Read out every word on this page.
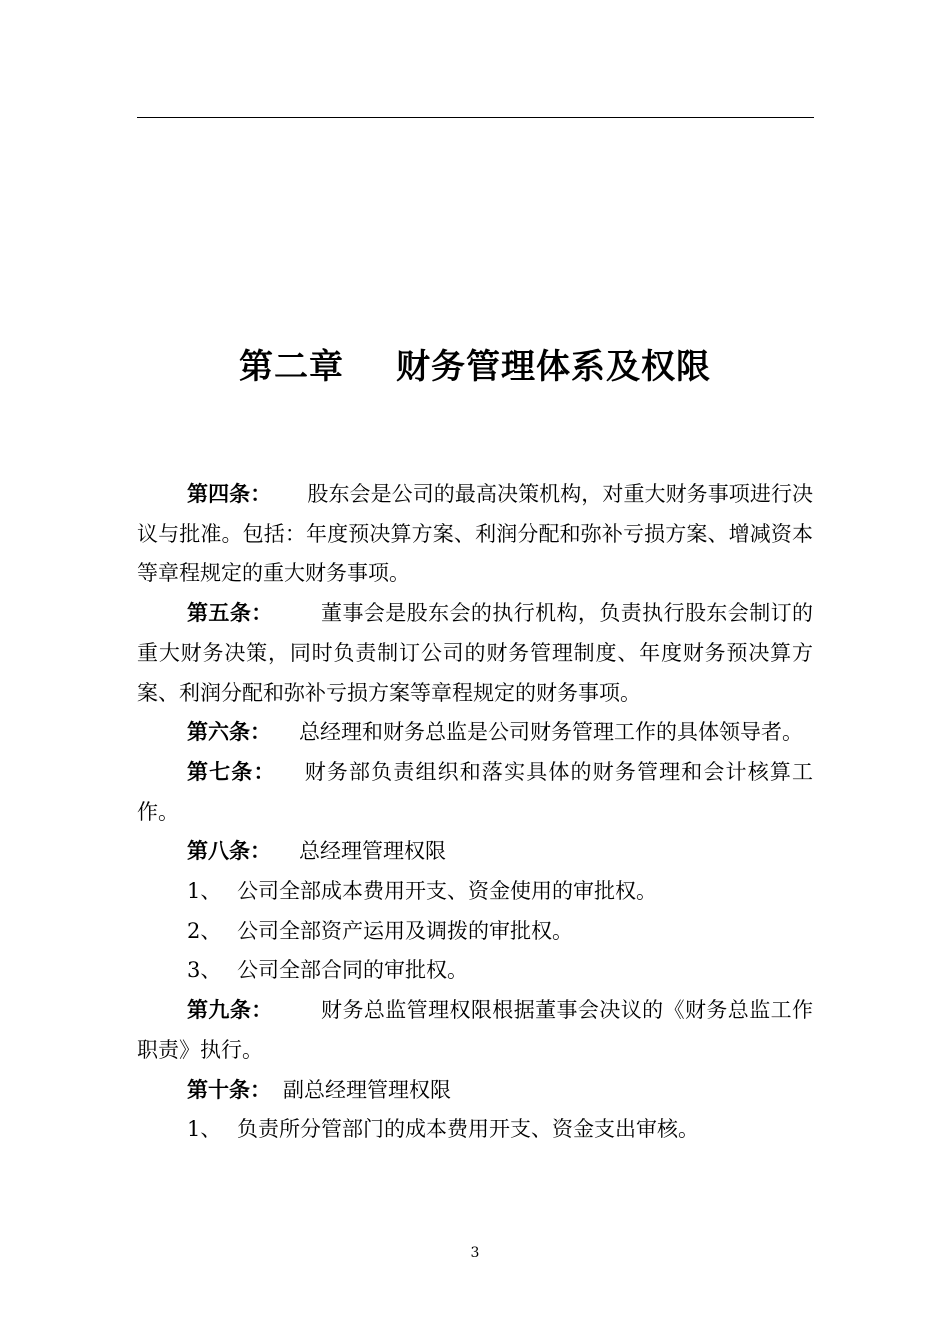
第二章 财务管理体系及权限

第四条： 股东会是公司的最高决策机构，对重大财务事项进行决议与批准。包括：年度预决算方案、利润分配和弥补亏损方案、增减资本等章程规定的重大财务事项。

第五条： 董事会是股东会的执行机构，负责执行股东会制订的重大财务决策，同时负责制订公司的财务管理制度、年度财务预决算方案、利润分配和弥补亏损方案等章程规定的财务事项。

第六条： 总经理和财务总监是公司财务管理工作的具体领导者。

第七条： 财务部负责组织和落实具体的财务管理和会计核算工作。

第八条： 总经理管理权限

1、 公司全部成本费用开支、资金使用的审批权。

2、 公司全部资产运用及调拨的审批权。

3、 公司全部合同的审批权。

第九条： 财务总监管理权限根据董事会决议的《财务总监工作职责》执行。

第十条： 副总经理管理权限

1、 负责所分管部门的成本费用开支、资金支出审核。

3
